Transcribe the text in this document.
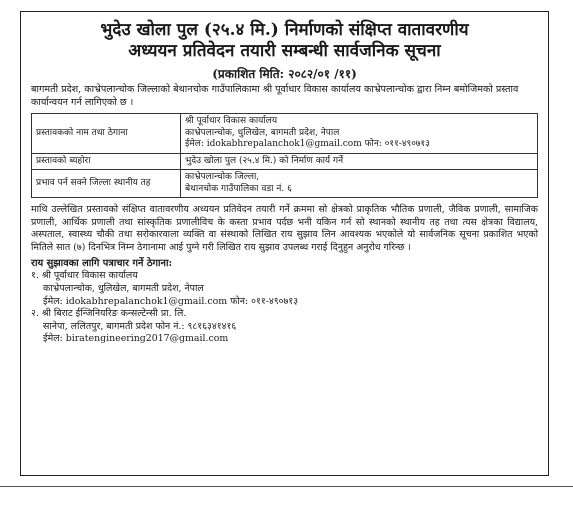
भुदेउ खोला पुल (२५.४ मि.) निर्माणको संक्षिप्त वातावरणीय

अध्ययन प्रतिवेदन तयारी सम्बन्धी सार्वजनिक सूचना

(प्रकाशित मिति: २०८२/०१ /११)

बागमती प्रदेश, काभ्रेपलान्चोक जिल्लाको बेथानचोक गाउँपालिकामा श्री पूर्वाधार विकास कार्यालय काभ्रेपलान्चोक द्वारा निम्न बमोजिमको प्रस्ताव कार्यान्वयन गर्न लागिएको छ ।

प्रस्तावकको नाम तथा ठेगाना	श्री पूर्वाधार विकास कार्यालय
काभ्रेपलान्चोक, धुलिखेल, बागमती प्रदेश, नेपाल
ईमेल: idokabhrepalanchok1@gmail.com फोन: ०११-४९०७१३

प्रस्तावको ब्यहोरा	भुदेउ खोला पुल (२५.४ मि.) को निर्माण कार्य गर्ने

प्रभाव पर्न सक्ने जिल्ला स्थानीय तह	काभ्रेपलान्चोक जिल्ला,
बेथानचोक गाउँपालिका वडा नं. ६

माथि उल्लेखित प्रस्तावको संक्षिप्त वातावरणीय अध्ययन प्रतिवेदन तयारी गर्ने क्रममा सो क्षेत्रको प्राकृतिक भौतिक प्रणाली, जैविक प्रणाली, सामाजिक प्रणाली, आर्थिक प्रणाली तथा सांस्कृतिक प्रणालीविच के कस्ता प्रभाव पर्दछ भनी यकिन गर्न सो स्थानको स्थानीय तह तथा त्यस क्षेत्रका विद्यालय, अस्पताल, स्वास्थ्य चौकी तथा सरोकारवाला व्यक्ति वा संस्थाको लिखित राय सुझाव लिन आवश्यक भएकोले यो सार्वजनिक सूचना प्रकाशित भएको मितिले सात (७) दिनभित्र निम्न ठेगानामा आई पुग्ने गरी लिखित राय सुझाव उपलब्ध गराई दिनुहुन अनुरोध गरिन्छ ।

राय सुझावका लागि पत्राचार गर्ने ठेगाना:

१. श्री पूर्वाधार विकास कार्यालय
काभ्रेपलान्चोक, धुलिखेल, बागमती प्रदेश, नेपाल
ईमेल: idokabhrepalanchok1@gmail.com फोन: ०११-४९०७१३

२. श्री बिराट ईन्जिनियरिङ कन्सल्टेन्सी प्रा. लि.
सानेपा, ललितपुर, बागमती प्रदेश फोन नं.: ९८१६३४१४१६
ईमेल: biratengineering2017@gmail.com
